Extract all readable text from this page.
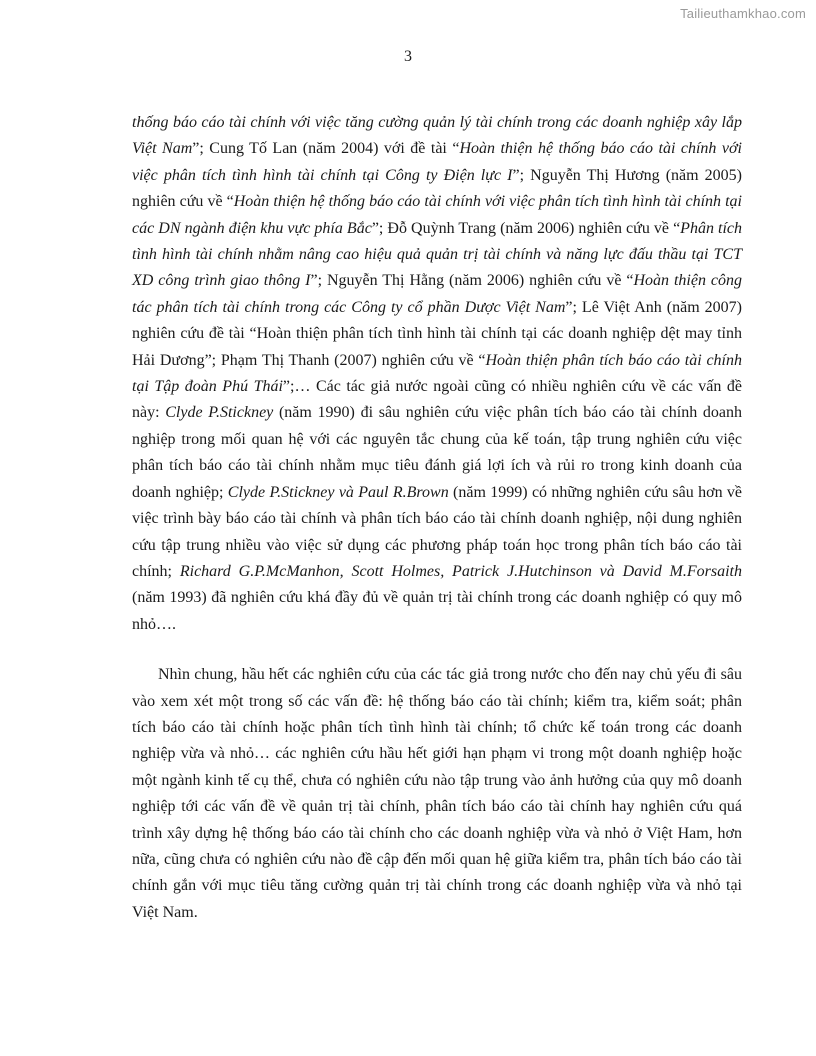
Tailieuthamkhao.com
3

thống báo cáo tài chính với việc tăng cường quản lý tài chính trong các doanh nghiệp xây lắp Việt Nam”; Cung Tố Lan (năm 2004) với đề tài “Hoàn thiện hệ thống báo cáo tài chính với việc phân tích tình hình tài chính tại Công ty Điện lực I”; Nguyễn Thị Hương (năm 2005) nghiên cứu về “Hoàn thiện hệ thống báo cáo tài chính với việc phân tích tình hình tài chính tại các DN ngành điện khu vực phía Bắc”; Đỗ Quỳnh Trang (năm 2006) nghiên cứu về “Phân tích tình hình tài chính nhằm nâng cao hiệu quả quản trị tài chính và năng lực đấu thầu tại TCT XD công trình giao thông I”; Nguyễn Thị Hằng (năm 2006) nghiên cứu về “Hoàn thiện công tác phân tích tài chính trong các Công ty cổ phần Dược Việt Nam”; Lê Việt Anh (năm 2007) nghiên cứu đề tài “Hoàn thiện phân tích tình hình tài chính tại các doanh nghiệp dệt may tỉnh Hải Dương”; Phạm Thị Thanh (2007) nghiên cứu về “Hoàn thiện phân tích báo cáo tài chính tại Tập đoàn Phú Thái”;… Các tác giả nước ngoài cũng có nhiều nghiên cứu về các vấn đề này: Clyde P.Stickney (năm 1990) đi sâu nghiên cứu việc phân tích báo cáo tài chính doanh nghiệp trong mối quan hệ với các nguyên tắc chung của kế toán, tập trung nghiên cứu việc phân tích báo cáo tài chính nhằm mục tiêu đánh giá lợi ích và rủi ro trong kinh doanh của doanh nghiệp; Clyde P.Stickney và Paul R.Brown (năm 1999) có những nghiên cứu sâu hơn về việc trình bày báo cáo tài chính và phân tích báo cáo tài chính doanh nghiệp, nội dung nghiên cứu tập trung nhiều vào việc sử dụng các phương pháp toán học trong phân tích báo cáo tài chính; Richard G.P.McManhon, Scott Holmes, Patrick J.Hutchinson và David M.Forsaith (năm 1993) đã nghiên cứu khá đầy đủ về quản trị tài chính trong các doanh nghiệp có quy mô nhỏ….

Nhìn chung, hầu hết các nghiên cứu của các tác giả trong nước cho đến nay chủ yếu đi sâu vào xem xét một trong số các vấn đề: hệ thống báo cáo tài chính; kiểm tra, kiểm soát; phân tích báo cáo tài chính hoặc phân tích tình hình tài chính; tổ chức kế toán trong các doanh nghiệp vừa và nhỏ… các nghiên cứu hầu hết giới hạn phạm vi trong một doanh nghiệp hoặc một ngành kinh tế cụ thể, chưa có nghiên cứu nào tập trung vào ảnh hưởng của quy mô doanh nghiệp tới các vấn đề về quản trị tài chính, phân tích báo cáo tài chính hay nghiên cứu quá trình xây dựng hệ thống báo cáo tài chính cho các doanh nghiệp vừa và nhỏ ở Việt Ham, hơn nữa, cũng chưa có nghiên cứu nào đề cập đến mối quan hệ giữa kiểm tra, phân tích báo cáo tài chính gắn với mục tiêu tăng cường quản trị tài chính trong các doanh nghiệp vừa và nhỏ tại Việt Nam.
